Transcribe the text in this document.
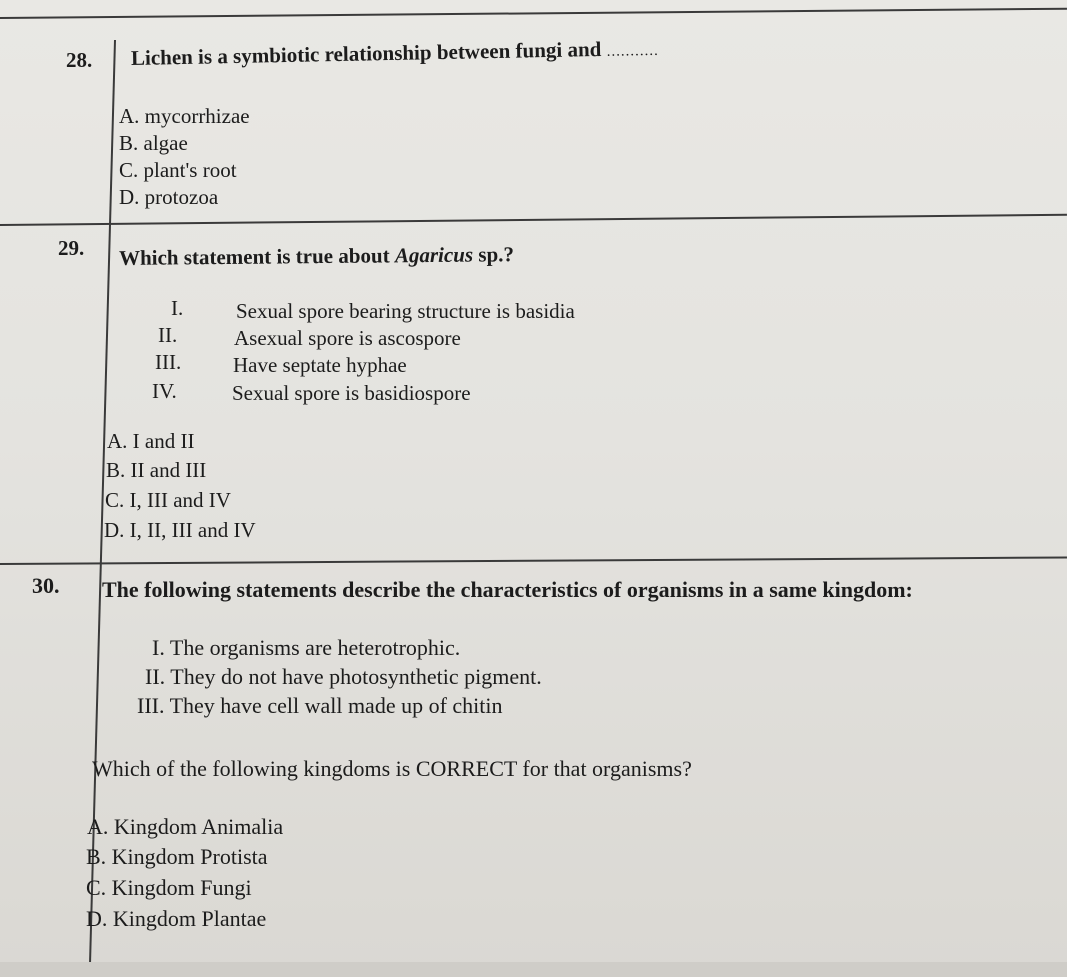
28. Lichen is a symbiotic relationship between fungi and ...........
A. mycorrhizae
B. algae
C. plant's root
D. protozoa
29. Which statement is true about Agaricus sp.?
I.	Sexual spore bearing structure is basidia
II.	Asexual spore is ascospore
III. Have septate hyphae
IV.	Sexual spore is basidiospore
A. I and II
B. II and III
C. I, III and IV
D. I, II, III and IV
30. The following statements describe the characteristics of organisms in a same kingdom:
I. The organisms are heterotrophic.
II. They do not have photosynthetic pigment.
III. They have cell wall made up of chitin
Which of the following kingdoms is CORRECT for that organisms?
A. Kingdom Animalia
B. Kingdom Protista
C. Kingdom Fungi
D. Kingdom Plantae
